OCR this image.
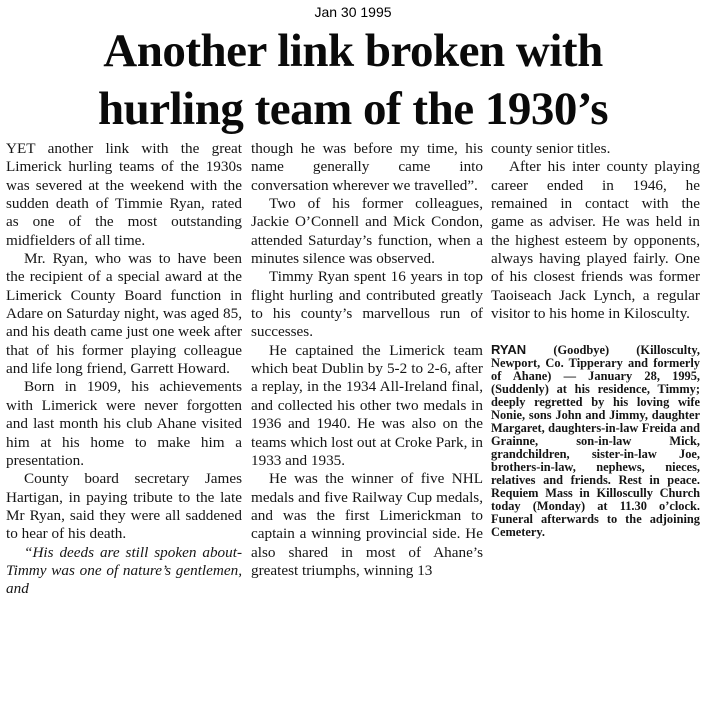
Jan 30 1995
Another link broken with
hurling team of the 1930’s

YET another link with the great Limerick hurling teams of the 1930s was severed at the weekend with the sudden death of Timmie Ryan, rated as one of the most outstanding midfielders of all time.

Mr. Ryan, who was to have been the recipient of a special award at the Limerick County Board function in Adare on Saturday night, was aged 85, and his death came just one week after that of his former playing colleague and life long friend, Garrett Howard.

Born in 1909, his achievements with Limerick were never forgotten and last month his club Ahane visited him at his home to make him a presentation.

County board secretary James Hartigan, in paying tribute to the late Mr Ryan, said they were all saddened to hear of his death.

“His deeds are still spoken about-Timmy was one of nature’s gentlemen, and

though he was before my time, his name generally came into conversation wherever we travelled”.

Two of his former colleagues, Jackie O’Connell and Mick Condon, attended Saturday’s function, when a minutes silence was observed.

Timmy Ryan spent 16 years in top flight hurling and contributed greatly to his county’s marvellous run of successes.

He captained the Limerick team which beat Dublin by 5-2 to 2-6, after a replay, in the 1934 All-Ireland final, and collected his other two medals in 1936 and 1940. He was also on the teams which lost out at Croke Park, in 1933 and 1935.

He was the winner of five NHL medals and five Railway Cup medals, and was the first Limerickman to captain a winning provincial side. He also shared in most of Ahane’s greatest triumphs, winning 13

county senior titles.

After his inter county playing career ended in 1946, he remained in contact with the game as adviser. He was held in the highest esteem by opponents, always having played fairly. One of his closest friends was former Taoiseach Jack Lynch, a regular visitor to his home in Kilosculty.

RYAN (Goodbye) (Killosculty, Newport, Co. Tipperary and formerly of Ahane) — January 28, 1995, (Suddenly) at his residence, Timmy; deeply regretted by his loving wife Nonie, sons John and Jimmy, daughter Margaret, daughters-in-law Freida and Grainne, son-in-law Mick, grandchildren, sister-in-law Joe, brothers-in-law, nephews, nieces, relatives and friends. Rest in peace. Requiem Mass in Killoscully Church today (Monday) at 11.30 o’clock. Funeral afterwards to the adjoining Cemetery.
